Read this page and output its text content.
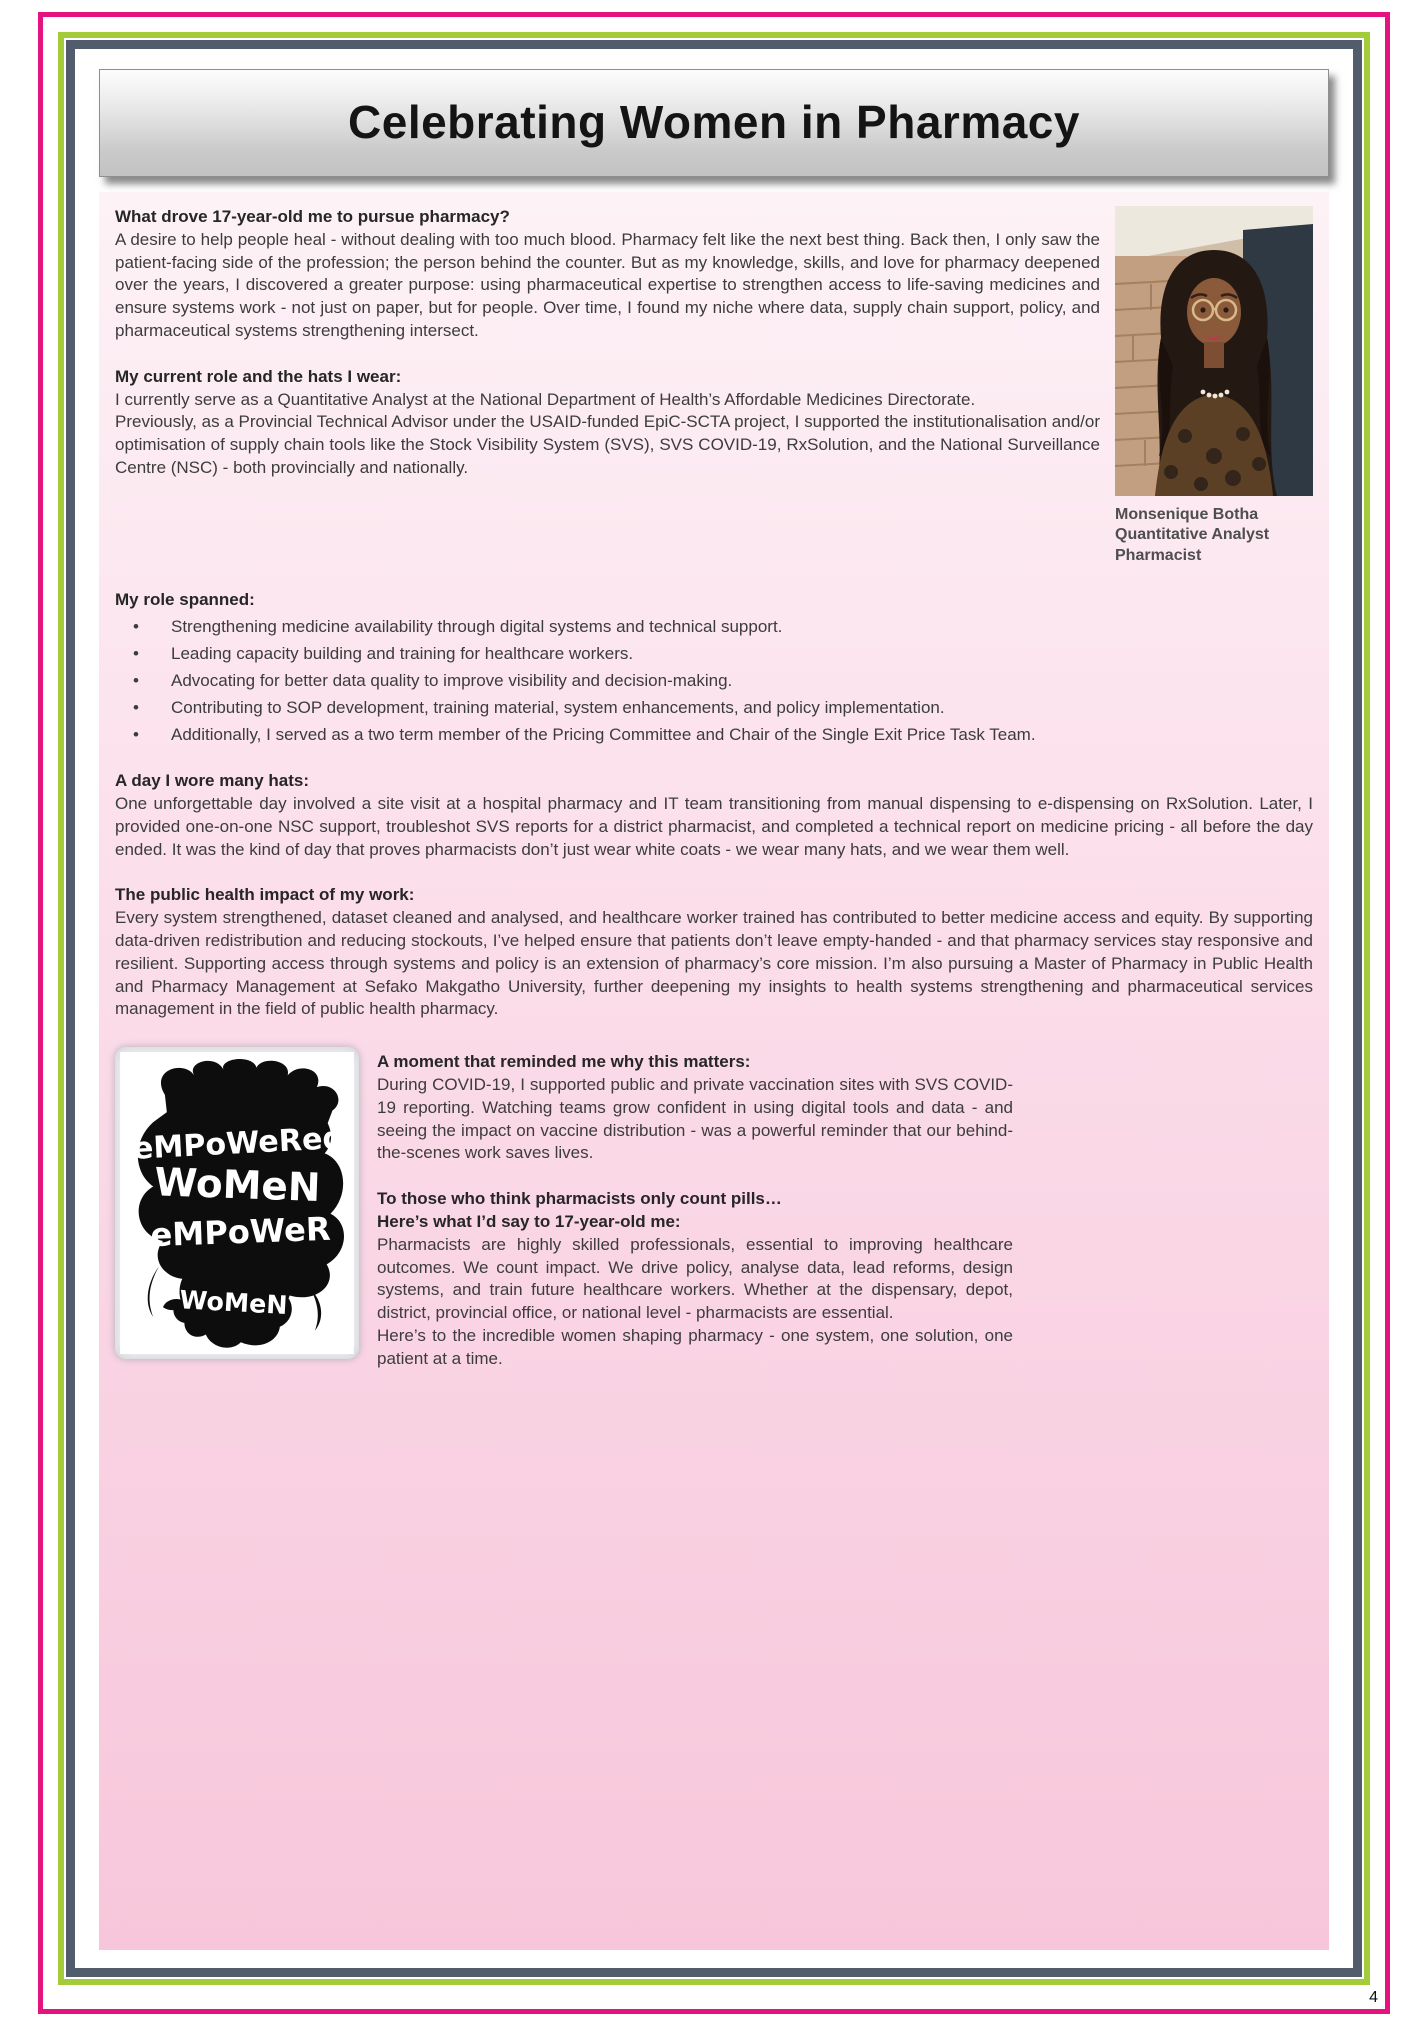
Celebrating Women in Pharmacy
What drove 17-year-old me to pursue pharmacy?

A desire to help people heal - without dealing with too much blood. Pharmacy felt like the next best thing. Back then, I only saw the patient-facing side of the profession; the person behind the counter. But as my knowledge, skills, and love for pharmacy deepened over the years, I discovered a greater purpose: using pharmaceutical expertise to strengthen access to life-saving medicines and ensure systems work - not just on paper, but for people. Over time, I found my niche where data, supply chain support, policy, and pharmaceutical systems strengthening intersect.

My current role and the hats I wear:

I currently serve as a Quantitative Analyst at the National Department of Health’s Affordable Medicines Directorate.

Previously, as a Provincial Technical Advisor under the USAID-funded EpiC-SCTA project, I supported the institutionalisation and/or optimisation of supply chain tools like the Stock Visibility System (SVS), SVS COVID-19, RxSolution, and the National Surveillance Centre (NSC) - both provincially and nationally.

Monsenique Botha
Quantitative Analyst
Pharmacist
My role spanned:
• Strengthening medicine availability through digital systems and technical support.
• Leading capacity building and training for healthcare workers.
• Advocating for better data quality to improve visibility and decision-making.
• Contributing to SOP development, training material, system enhancements, and policy implementation.
• Additionally, I served as a two term member of the Pricing Committee and Chair of the Single Exit Price Task Team.
A day I wore many hats:

One unforgettable day involved a site visit at a hospital pharmacy and IT team transitioning from manual dispensing to e-dispensing on RxSolution. Later, I provided one-on-one NSC support, troubleshot SVS reports for a district pharmacist, and completed a technical report on medicine pricing - all before the day ended. It was the kind of day that proves pharmacists don’t just wear white coats - we wear many hats, and we wear them well.

The public health impact of my work:

Every system strengthened, dataset cleaned and analysed, and healthcare worker trained has contributed to better medicine access and equity. By supporting data-driven redistribution and reducing stockouts, I’ve helped ensure that patients don’t leave empty-handed - and that pharmacy services stay responsive and resilient. Supporting access through systems and policy is an extension of pharmacy’s core mission. I’m also pursuing a Master of Pharmacy in Public Health and Pharmacy Management at Sefako Makgatho University, further deepening my insights to health systems strengthening and pharmaceutical services management in the field of public health pharmacy.

eMPoWeRed
WoMeN
eMPoWeR
WoMeN
A moment that reminded me why this matters:

During COVID-19, I supported public and private vaccination sites with SVS COVID-19 reporting. Watching teams grow confident in using digital tools and data - and seeing the impact on vaccine distribution - was a powerful reminder that our behind-the-scenes work saves lives.

To those who think pharmacists only count pills…
Here’s what I’d say to 17-year-old me:

Pharmacists are highly skilled professionals, essential to improving healthcare outcomes. We count impact. We drive policy, analyse data, lead reforms, design systems, and train future healthcare workers. Whether at the dispensary, depot, district, provincial office, or national level - pharmacists are essential.

Here’s to the incredible women shaping pharmacy - one system, one solution, one patient at a time.

4
